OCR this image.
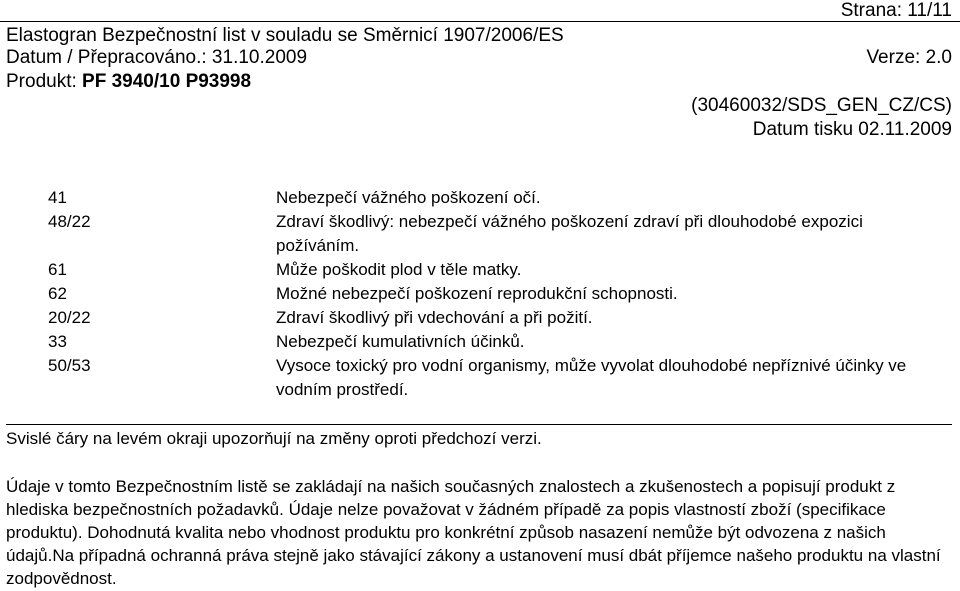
Strana: 11/11
Elastogran Bezpečnostní list v souladu se Směrnicí 1907/2006/ES
Datum / Přepracováno.: 31.10.2009	Verze: 2.0
Produkt: PF 3940/10 P93998
(30460032/SDS_GEN_CZ/CS)
Datum tisku 02.11.2009
41	Nebezpečí vážného poškození očí.
48/22	Zdraví škodlivý: nebezpečí vážného poškození zdraví při dlouhodobé expozici požíváním.
61	Může poškodit plod v těle matky.
62	Možné nebezpečí poškození reprodukční schopnosti.
20/22	Zdraví škodlivý při vdechování a při požití.
33	Nebezpečí kumulativních účinků.
50/53	Vysoce toxický pro vodní organismy, může vyvolat dlouhodobé nepříznivé účinky ve vodním prostředí.
Svislé čáry na levém okraji upozorňují na změny oproti předchozí verzi.
Údaje v tomto Bezpečnostním listě se zakládají na našich současných znalostech a zkušenostech a popisují produkt z hlediska bezpečnostních požadavků. Údaje nelze považovat v žádném případě za popis vlastností zboží (specifikace produktu). Dohodnutá kvalita nebo vhodnost produktu pro konkrétní způsob nasazení nemůže být odvozena z našich údajů.Na případná ochranná práva stejně jako stávající zákony a ustanovení musí dbát příjemce našeho produktu na vlastní zodpovědnost.
